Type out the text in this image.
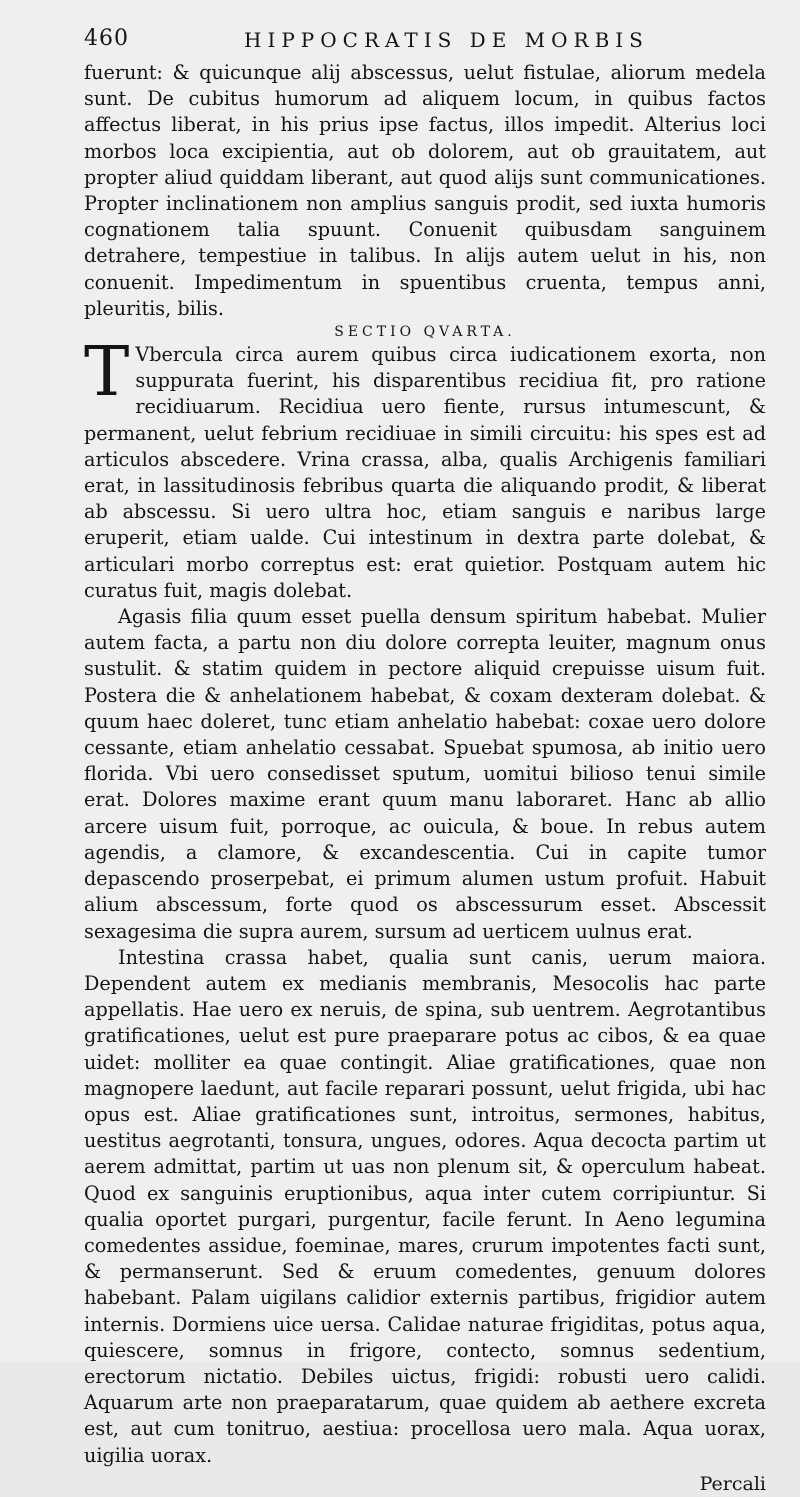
460	HIPPOCRATIS DE MORBIS

fuerunt: & quicunque alij abscessus, uelut fistulae, aliorum medela sunt. De cubitus humorum ad aliquem locum, in quibus factos affectus liberat, in his prius ipse factus, illos impedit. Alterius loci morbos loca excipientia, aut ob dolorem, aut ob grauitatem, aut propter aliud quiddam liberant, aut quod alijs sunt communicationes. Propter inclinationem non amplius sanguis prodit, sed iuxta humoris cognationem talia spuunt. Conuenit quibusdam sanguinem detrahere, tempestiue in talibus. In alijs autem uelut in his, non conuenit. Impedimentum in spuentibus cruenta, tempus anni, pleuritis, bilis.

SECTIO QVARTA.

T Vbercula circa aurem quibus circa iudicationem exorta, non suppurata fuerint, his disparentibus recidiua fit, pro ratione recidiuarum. Recidiua uero fiente, rursus intumescunt, & permanent, uelut febrium recidiuae in simili circuitu: his spes est ad articulos abscedere. Vrina crassa, alba, qualis Archigenis familiari erat, in lassitudinosis febribus quarta die aliquando prodit, & liberat ab abscessu. Si uero ultra hoc, etiam sanguis e naribus large eruperit, etiam ualde. Cui intestinum in dextra parte dolebat, & articulari morbo correptus est: erat quietior. Postquam autem hic curatus fuit, magis dolebat.

Agasis filia quum esset puella densum spiritum habebat. Mulier autem facta, a partu non diu dolore correpta leuiter, magnum onus sustulit. & statim quidem in pectore aliquid crepuisse uisum fuit. Postera die & anhelationem habebat, & coxam dexteram dolebat. & quum haec doleret, tunc etiam anhelatio habebat: coxae uero dolore cessante, etiam anhelatio cessabat. Spuebat spumosa, ab initio uero florida. Vbi uero consedisset sputum, uomitui bilioso tenui simile erat. Dolores maxime erant quum manu laboraret. Hanc ab allio arcere uisum fuit, porroque, ac ouicula, & boue. In rebus autem agendis, a clamore, & excandescentia. Cui in capite tumor depascendo proserpebat, ei primum alumen ustum profuit. Habuit alium abscessum, forte quod os abscessurum esset. Abscessit sexagesima die supra aurem, sursum ad uerticem uulnus erat.

Intestina crassa habet, qualia sunt canis, uerum maiora. Dependent autem ex medianis membranis, Mesocolis hac parte appellatis. Hae uero ex neruis, de spina, sub uentrem. Aegrotantibus gratificationes, uelut est pure praeparare potus ac cibos, & ea quae uidet: molliter ea quae contingit. Aliae gratificationes, quae non magnopere laedunt, aut facile reparari possunt, uelut frigida, ubi hac opus est. Aliae gratificationes sunt, introitus, sermones, habitus, uestitus aegrotanti, tonsura, ungues, odores. Aqua decocta partim ut aerem admittat, partim ut uas non plenum sit, & operculum habeat. Quod ex sanguinis eruptionibus, aqua inter cutem corripiuntur. Si qualia oportet purgari, purgentur, facile ferunt. In Aeno legumina comedentes assidue, foeminae, mares, crurum impotentes facti sunt, & permanserunt. Sed & eruum comedentes, genuum dolores habebant. Palam uigilans calidior externis partibus, frigidior autem internis. Dormiens uice uersa. Calidae naturae frigiditas, potus aqua, quiescere, somnus in frigore, contecto, somnus sedentium, erectorum nictatio. Debiles uictus, frigidi: robusti uero calidi. Aquarum arte non praeparatarum, quae quidem ab aethere excreta est, aut cum tonitruo, aestiua: procellosa uero mala. Aqua uorax, uigilia uorax.

Percali
